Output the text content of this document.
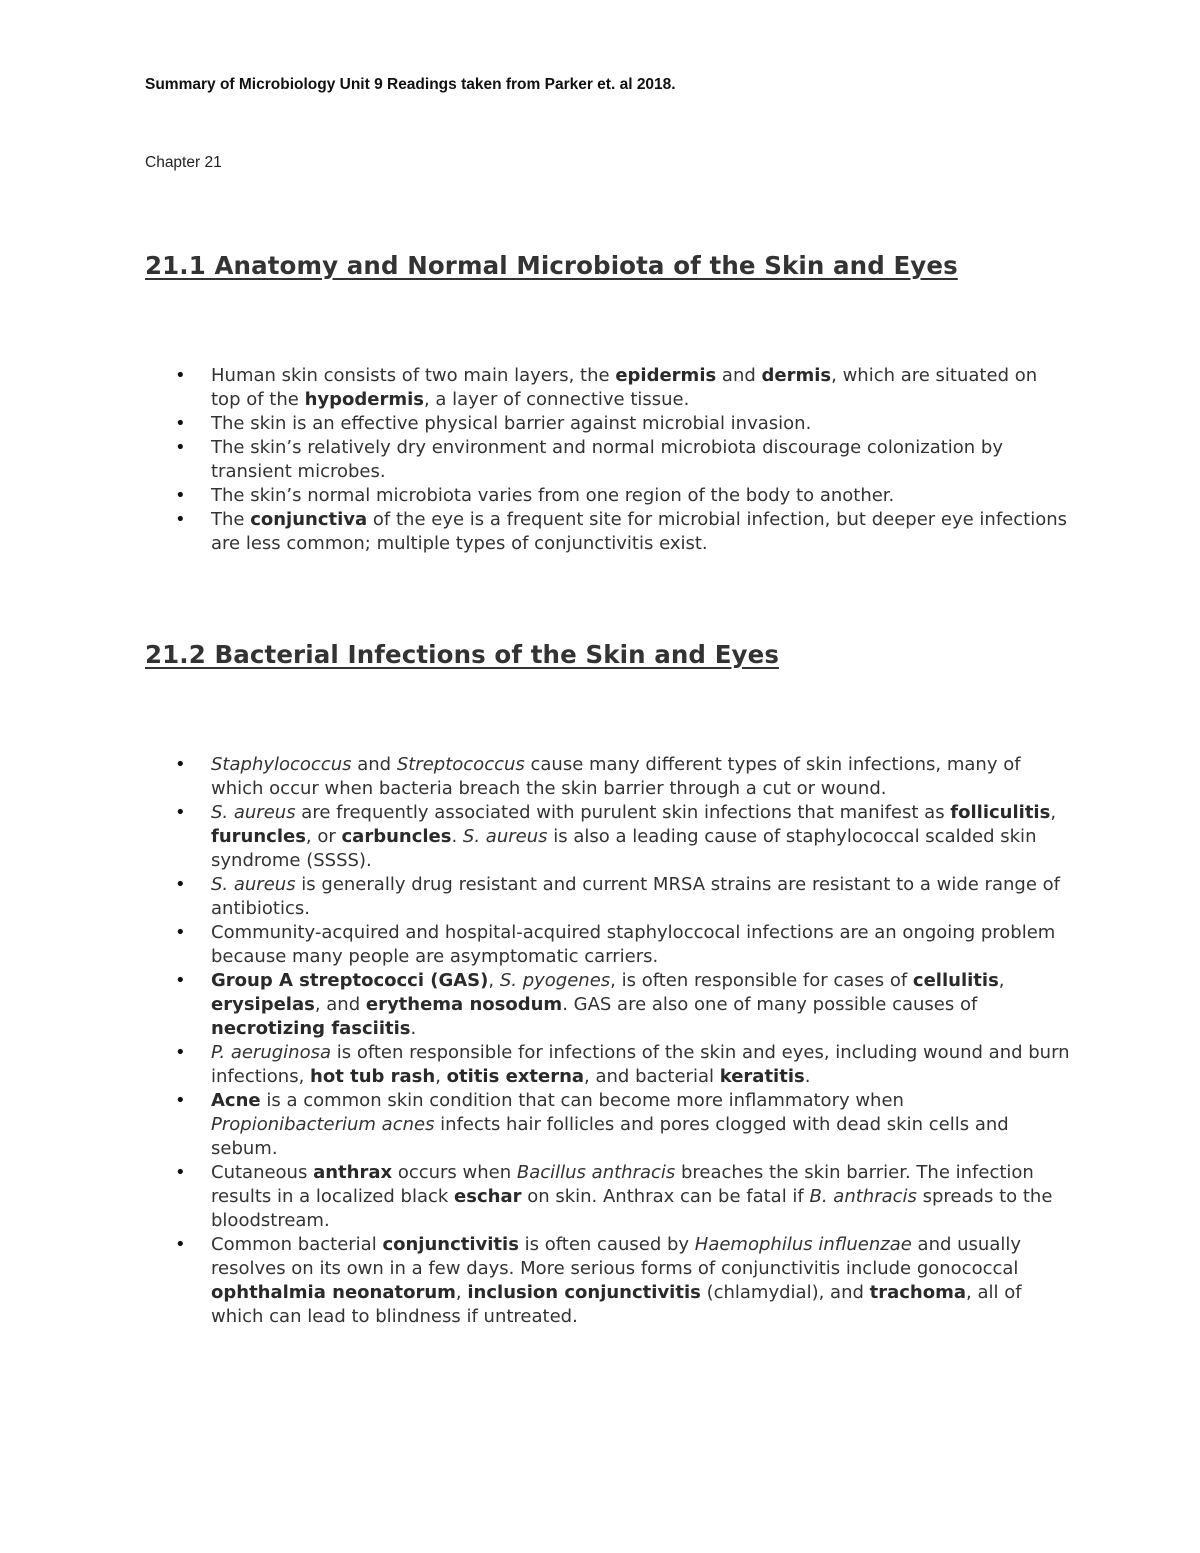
Summary of Microbiology Unit 9 Readings taken from Parker et. al 2018.

Chapter 21

21.1 Anatomy and Normal Microbiota of the Skin and Eyes
• Human skin consists of two main layers, the epidermis and dermis, which are situated on top of the hypodermis, a layer of connective tissue.
• The skin is an effective physical barrier against microbial invasion.
• The skin’s relatively dry environment and normal microbiota discourage colonization by transient microbes.
• The skin’s normal microbiota varies from one region of the body to another.
• The conjunctiva of the eye is a frequent site for microbial infection, but deeper eye infections are less common; multiple types of conjunctivitis exist.
21.2 Bacterial Infections of the Skin and Eyes
• Staphylococcus and Streptococcus cause many different types of skin infections, many of which occur when bacteria breach the skin barrier through a cut or wound.
• S. aureus are frequently associated with purulent skin infections that manifest as folliculitis, furuncles, or carbuncles. S. aureus is also a leading cause of staphylococcal scalded skin syndrome (SSSS).
• S. aureus is generally drug resistant and current MRSA strains are resistant to a wide range of antibiotics.
• Community-acquired and hospital-acquired staphyloccocal infections are an ongoing problem because many people are asymptomatic carriers.
• Group A streptococci (GAS), S. pyogenes, is often responsible for cases of cellulitis, erysipelas, and erythema nosodum. GAS are also one of many possible causes of necrotizing fasciitis.
• P. aeruginosa is often responsible for infections of the skin and eyes, including wound and burn infections, hot tub rash, otitis externa, and bacterial keratitis.
• Acne is a common skin condition that can become more inflammatory when Propionibacterium acnes infects hair follicles and pores clogged with dead skin cells and sebum.
• Cutaneous anthrax occurs when Bacillus anthracis breaches the skin barrier. The infection results in a localized black eschar on skin. Anthrax can be fatal if B. anthracis spreads to the bloodstream.
• Common bacterial conjunctivitis is often caused by Haemophilus influenzae and usually resolves on its own in a few days. More serious forms of conjunctivitis include gonococcal ophthalmia neonatorum, inclusion conjunctivitis (chlamydial), and trachoma, all of which can lead to blindness if untreated.
